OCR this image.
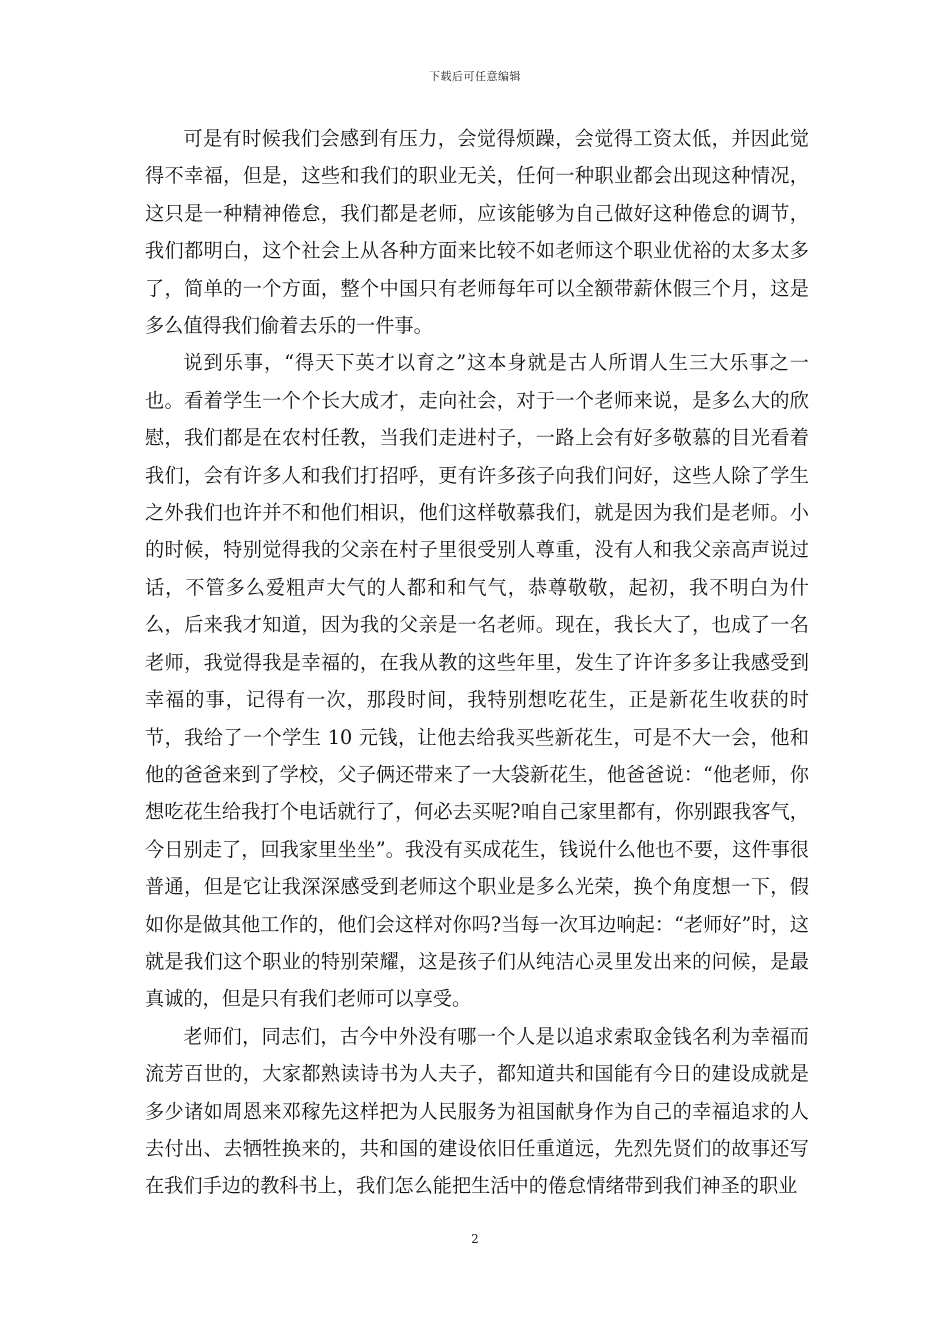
下载后可任意编辑

可是有时候我们会感到有压力，会觉得烦躁，会觉得工资太低，并因此觉得不幸福，但是，这些和我们的职业无关，任何一种职业都会出现这种情况，这只是一种精神倦怠，我们都是老师，应该能够为自己做好这种倦怠的调节，我们都明白，这个社会上从各种方面来比较不如老师这个职业优裕的太多太多了，简单的一个方面，整个中国只有老师每年可以全额带薪休假三个月，这是多么值得我们偷着去乐的一件事。

说到乐事，“得天下英才以育之”这本身就是古人所谓人生三大乐事之一也。看着学生一个个长大成才，走向社会，对于一个老师来说，是多么大的欣慰，我们都是在农村任教，当我们走进村子，一路上会有好多敬慕的目光看着我们，会有许多人和我们打招呼，更有许多孩子向我们问好，这些人除了学生之外我们也许并不和他们相识，他们这样敬慕我们，就是因为我们是老师。小的时候，特别觉得我的父亲在村子里很受别人尊重，没有人和我父亲高声说过话，不管多么爱粗声大气的人都和和气气，恭尊敬敬，起初，我不明白为什么，后来我才知道，因为我的父亲是一名老师。现在，我长大了，也成了一名老师，我觉得我是幸福的，在我从教的这些年里，发生了许许多多让我感受到幸福的事，记得有一次，那段时间，我特别想吃花生，正是新花生收获的时节，我给了一个学生 10 元钱，让他去给我买些新花生，可是不大一会，他和他的爸爸来到了学校，父子俩还带来了一大袋新花生，他爸爸说：“他老师，你想吃花生给我打个电话就行了，何必去买呢?咱自己家里都有，你别跟我客气，今日别走了，回我家里坐坐”。我没有买成花生，钱说什么他也不要，这件事很普通，但是它让我深深感受到老师这个职业是多么光荣，换个角度想一下，假如你是做其他工作的，他们会这样对你吗?当每一次耳边响起：“老师好”时，这就是我们这个职业的特别荣耀，这是孩子们从纯洁心灵里发出来的问候，是最真诚的，但是只有我们老师可以享受。

老师们，同志们，古今中外没有哪一个人是以追求索取金钱名利为幸福而流芳百世的，大家都熟读诗书为人夫子，都知道共和国能有今日的建设成就是多少诸如周恩来邓稼先这样把为人民服务为祖国献身作为自己的幸福追求的人去付出、去牺牲换来的，共和国的建设依旧任重道远，先烈先贤们的故事还写在我们手边的教科书上，我们怎么能把生活中的倦怠情绪带到我们神圣的职业

2
